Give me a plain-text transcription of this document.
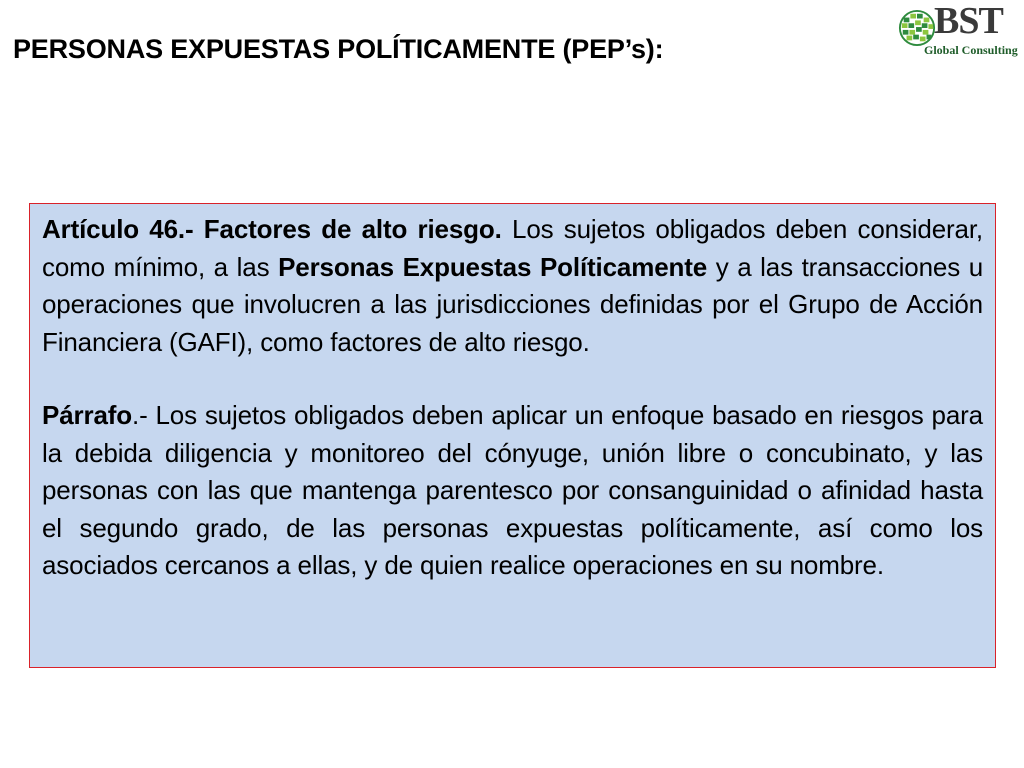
PERSONAS EXPUESTAS POLÍTICAMENTE (PEP’s):
BST
Global Consulting

Artículo 46.- Factores de alto riesgo. Los sujetos obligados deben considerar, como mínimo, a las Personas Expuestas Políticamente y a las transacciones u operaciones que involucren a las jurisdicciones definidas por el Grupo de Acción Financiera (GAFI), como factores de alto riesgo.

Párrafo.- Los sujetos obligados deben aplicar un enfoque basado en riesgos para la debida diligencia y monitoreo del cónyuge, unión libre o concubinato, y las personas con las que mantenga parentesco por consanguinidad o afinidad hasta el segundo grado, de las personas expuestas políticamente, así como los asociados cercanos a ellas, y de quien realice operaciones en su nombre.
